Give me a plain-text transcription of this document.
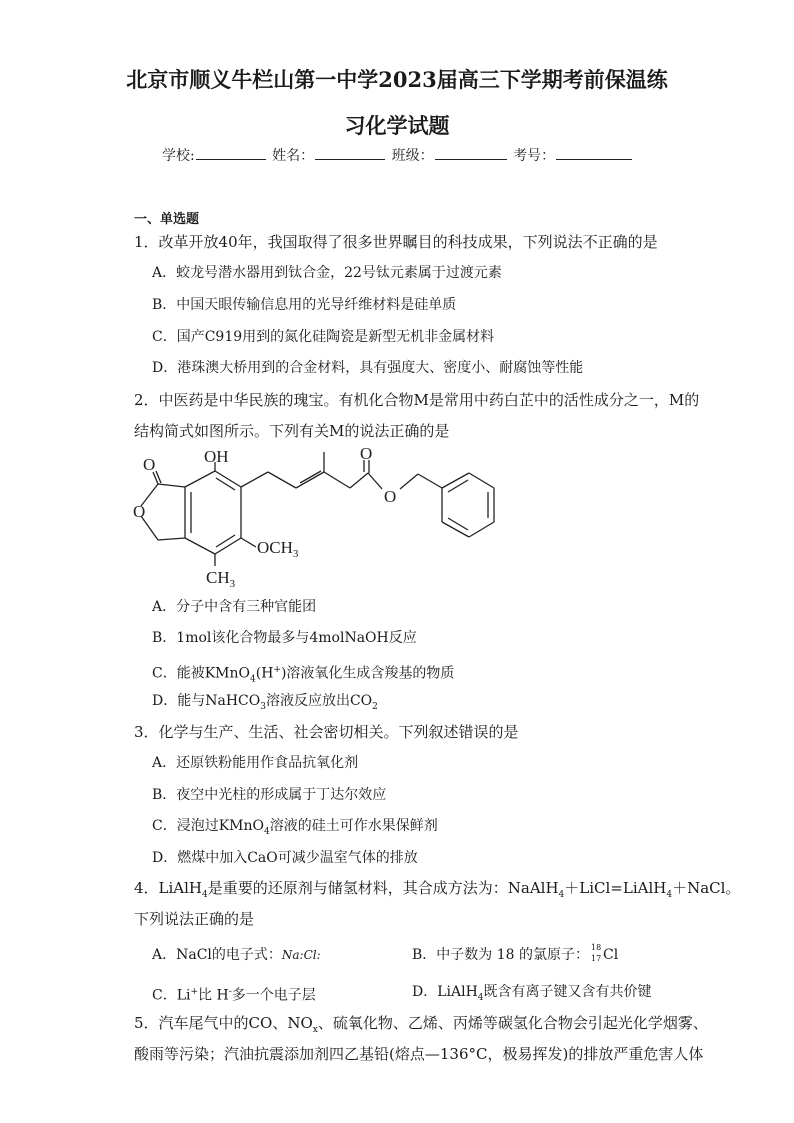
北京市顺义牛栏山第一中学2023届高三下学期考前保温练
习化学试题
学校:	姓名：	班级：	考号：
一、单选题
1．改革开放40年，我国取得了很多世界瞩目的科技成果，下列说法不正确的是
A．蛟龙号潜水器用到钛合金，22号钛元素属于过渡元素
B．中国天眼传输信息用的光导纤维材料是硅单质
C．国产C919用到的氮化硅陶瓷是新型无机非金属材料
D．港珠澳大桥用到的合金材料，具有强度大、密度小、耐腐蚀等性能
2．中医药是中华民族的瑰宝。有机化合物M是常用中药白芷中的活性成分之一，M的
结构简式如图所示。下列有关M的说法正确的是
O	OH
O
$OCH_3$
$CH_3$
O
O
A．分子中含有三种官能团
B．1mol该化合物最多与4molNaOH反应
C．能被KMnO$_4$(H+)溶液氧化生成含羧基的物质
D．能与NaHCO$_3$溶液反应放出$CO_2$
3．化学与生产、生活、社会密切相关。下列叙述错误的是
A．还原铁粉能用作食品抗氧化剂
B．夜空中光柱的形成属于丁达尔效应
C．浸泡过KMnO$_4$溶液的硅土可作水果保鲜剂
D．燃煤中加入CaO可减少温室气体的排放
4．LiAlH$_4$是重要的还原剂与储氢材料，其合成方法为：NaAlH$_4$＋LiCl=LiAlH$_4$＋NaCl。
下列说法正确的是
A．NaCl的电子式：Na:Cl:	B．中子数为 18 的氯原子： 18
17 Cl
C．Li+比 H-多一个电子层	D．LiAlH$_4$既含有离子键又含有共价键
5．汽车尾气中的CO、$NO_x$、硫氧化物、乙烯、丙烯等碳氢化合物会引起光化学烟雾、
酸雨等污染；汽油抗震添加剂四乙基铅(熔点—136°C，极易挥发)的排放严重危害人体
